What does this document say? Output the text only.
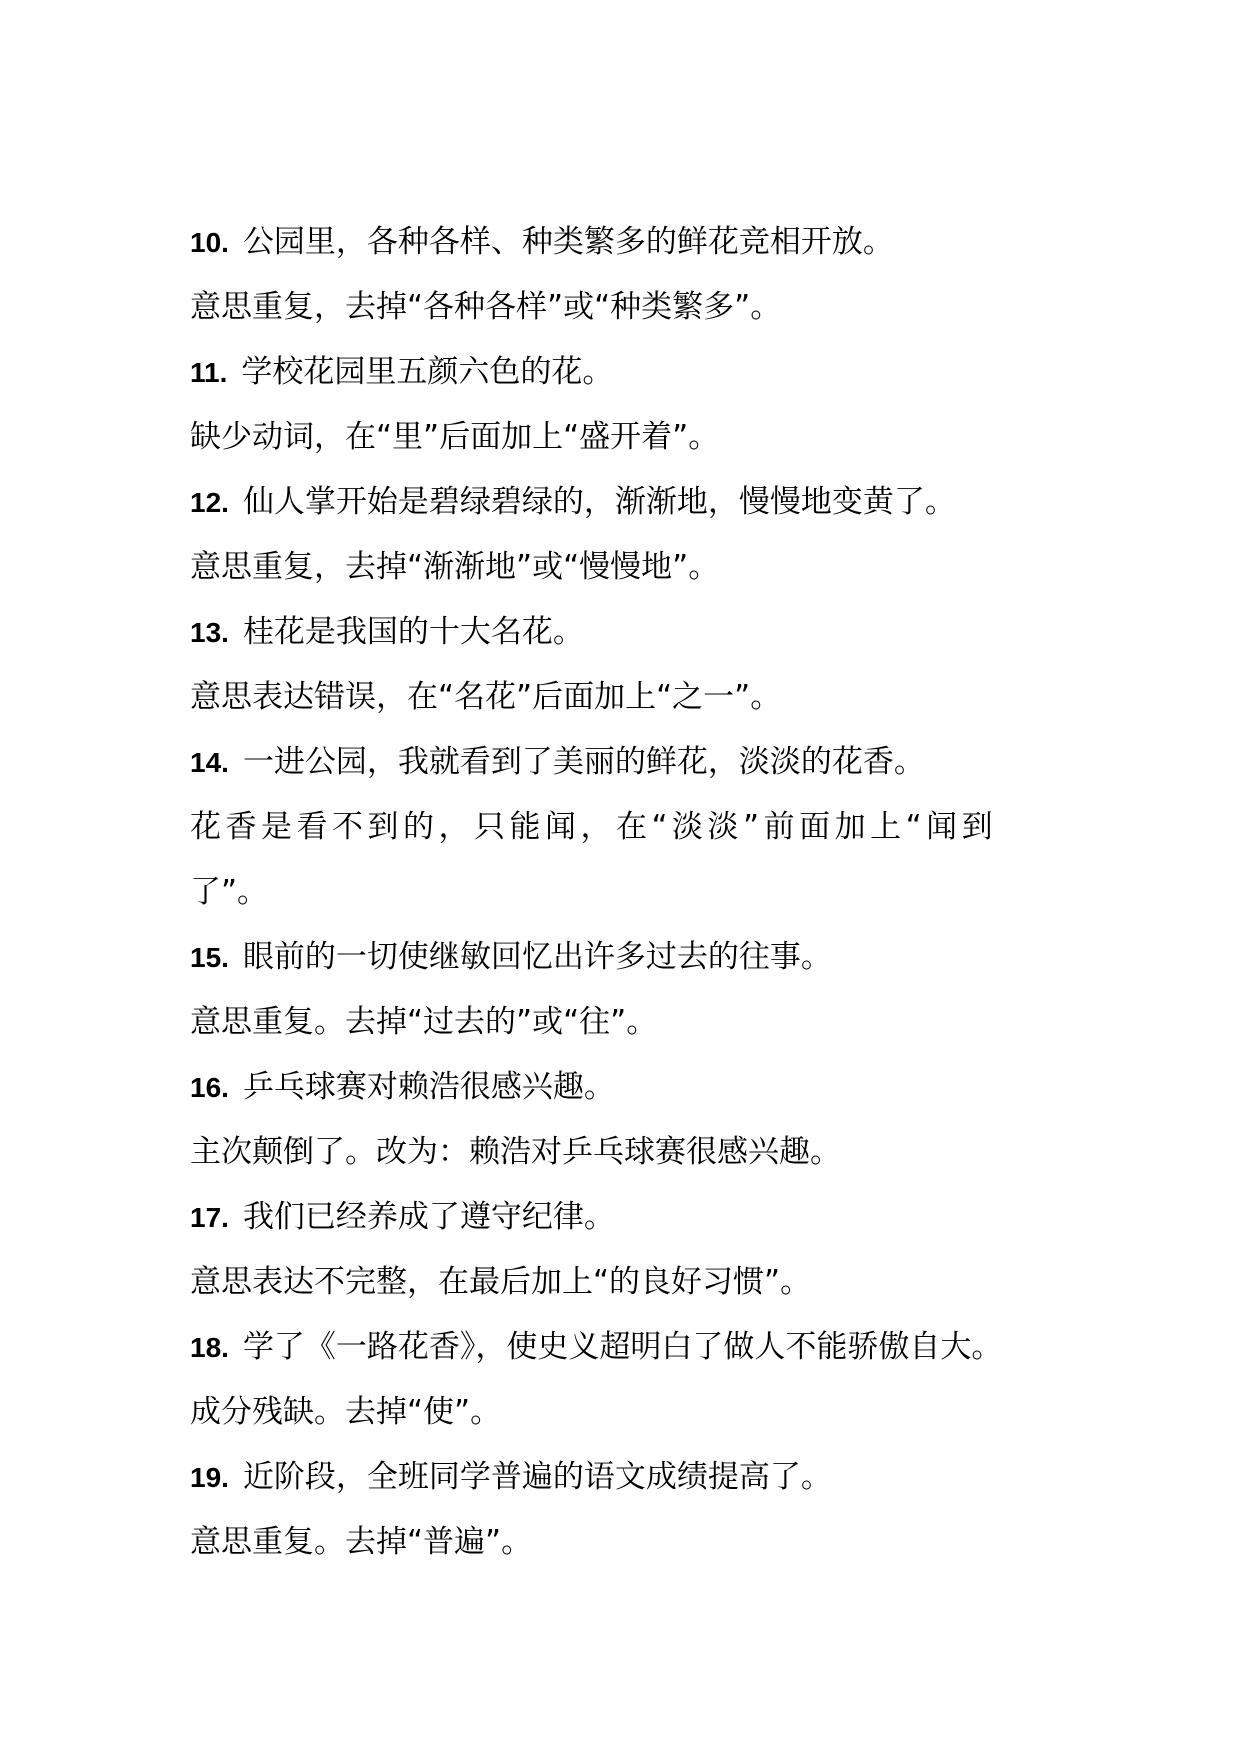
10. 公园里，各种各样、种类繁多的鲜花竞相开放。
意思重复，去掉“各种各样”或“种类繁多”。
11. 学校花园里五颜六色的花。
缺少动词，在“里”后面加上“盛开着”。
12. 仙人掌开始是碧绿碧绿的，渐渐地，慢慢地变黄了。
意思重复，去掉“渐渐地”或“慢慢地”。
13. 桂花是我国的十大名花。
意思表达错误，在“名花”后面加上“之一”。
14. 一进公园，我就看到了美丽的鲜花，淡淡的花香。
花香是看不到的，只能闻，在“淡淡”前面加上“闻到
了”。
15. 眼前的一切使继敏回忆出许多过去的往事。
意思重复。去掉“过去的”或“往”。
16. 乒乓球赛对赖浩很感兴趣。
主次颠倒了。改为：赖浩对乒乓球赛很感兴趣。
17. 我们已经养成了遵守纪律。
意思表达不完整，在最后加上“的良好习惯”。
18. 学了《一路花香》，使史义超明白了做人不能骄傲自大。
成分残缺。去掉“使”。
19. 近阶段，全班同学普遍的语文成绩提高了。
意思重复。去掉“普遍”。
